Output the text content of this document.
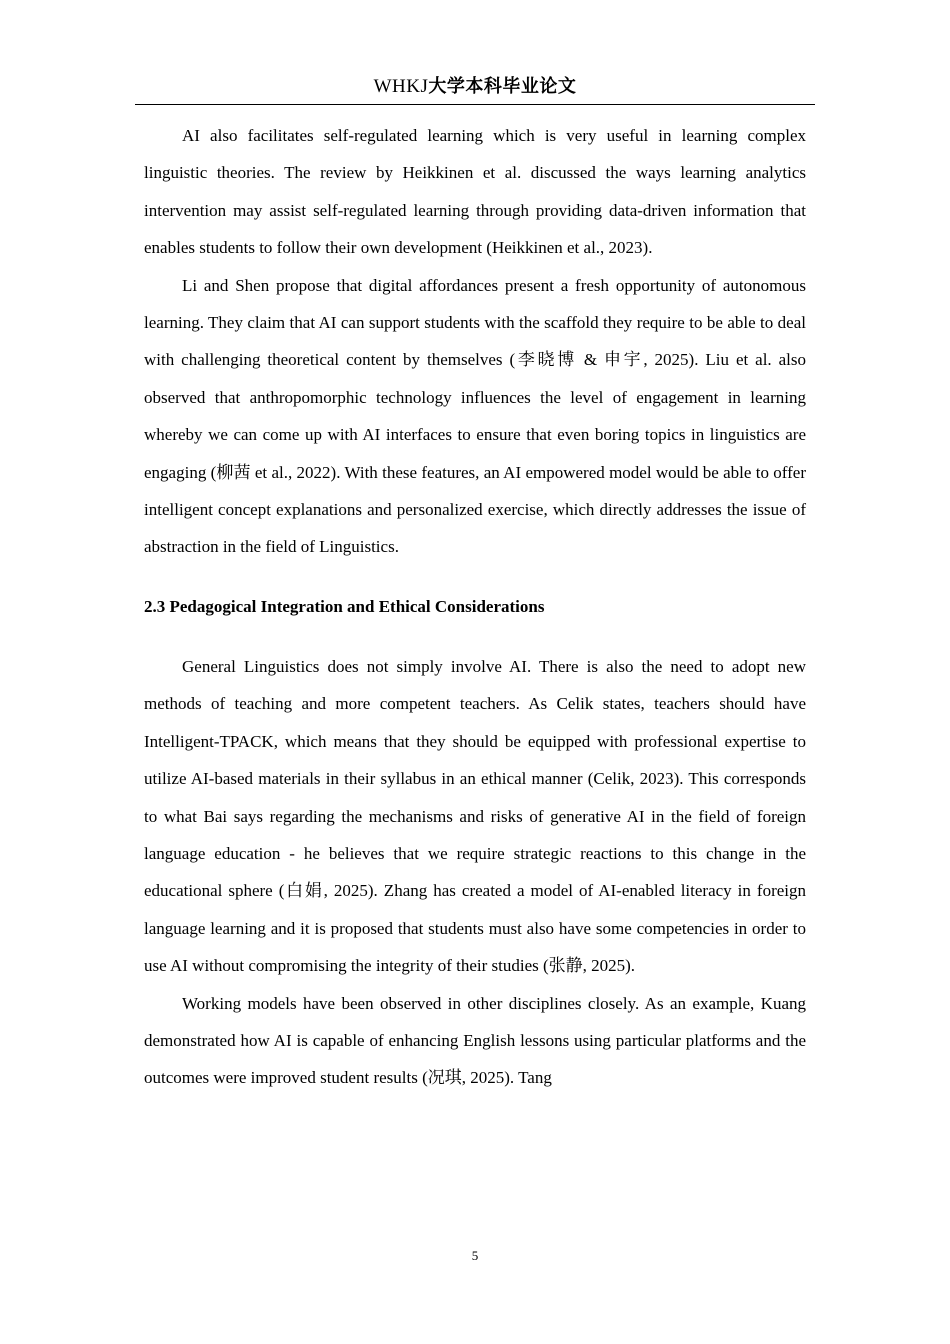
WHKJ大学本科毕业论文

AI also facilitates self-regulated learning which is very useful in learning complex linguistic theories. The review by Heikkinen et al. discussed the ways learning analytics intervention may assist self-regulated learning through providing data-driven information that enables students to follow their own development (Heikkinen et al., 2023).

Li and Shen propose that digital affordances present a fresh opportunity of autonomous learning. They claim that AI can support students with the scaffold they require to be able to deal with challenging theoretical content by themselves (李晓博 & 申宇, 2025). Liu et al. also observed that anthropomorphic technology influences the level of engagement in learning whereby we can come up with AI interfaces to ensure that even boring topics in linguistics are engaging (柳茜 et al., 2022). With these features, an AI empowered model would be able to offer intelligent concept explanations and personalized exercise, which directly addresses the issue of abstraction in the field of Linguistics.

2.3 Pedagogical Integration and Ethical Considerations

General Linguistics does not simply involve AI. There is also the need to adopt new methods of teaching and more competent teachers. As Celik states, teachers should have Intelligent-TPACK, which means that they should be equipped with professional expertise to utilize AI-based materials in their syllabus in an ethical manner (Celik, 2023). This corresponds to what Bai says regarding the mechanisms and risks of generative AI in the field of foreign language education - he believes that we require strategic reactions to this change in the educational sphere (白娟, 2025). Zhang has created a model of AI-enabled literacy in foreign language learning and it is proposed that students must also have some competencies in order to use AI without compromising the integrity of their studies (张静, 2025).

Working models have been observed in other disciplines closely. As an example, Kuang demonstrated how AI is capable of enhancing English lessons using particular platforms and the outcomes were improved student results (况琪, 2025). Tang

5
